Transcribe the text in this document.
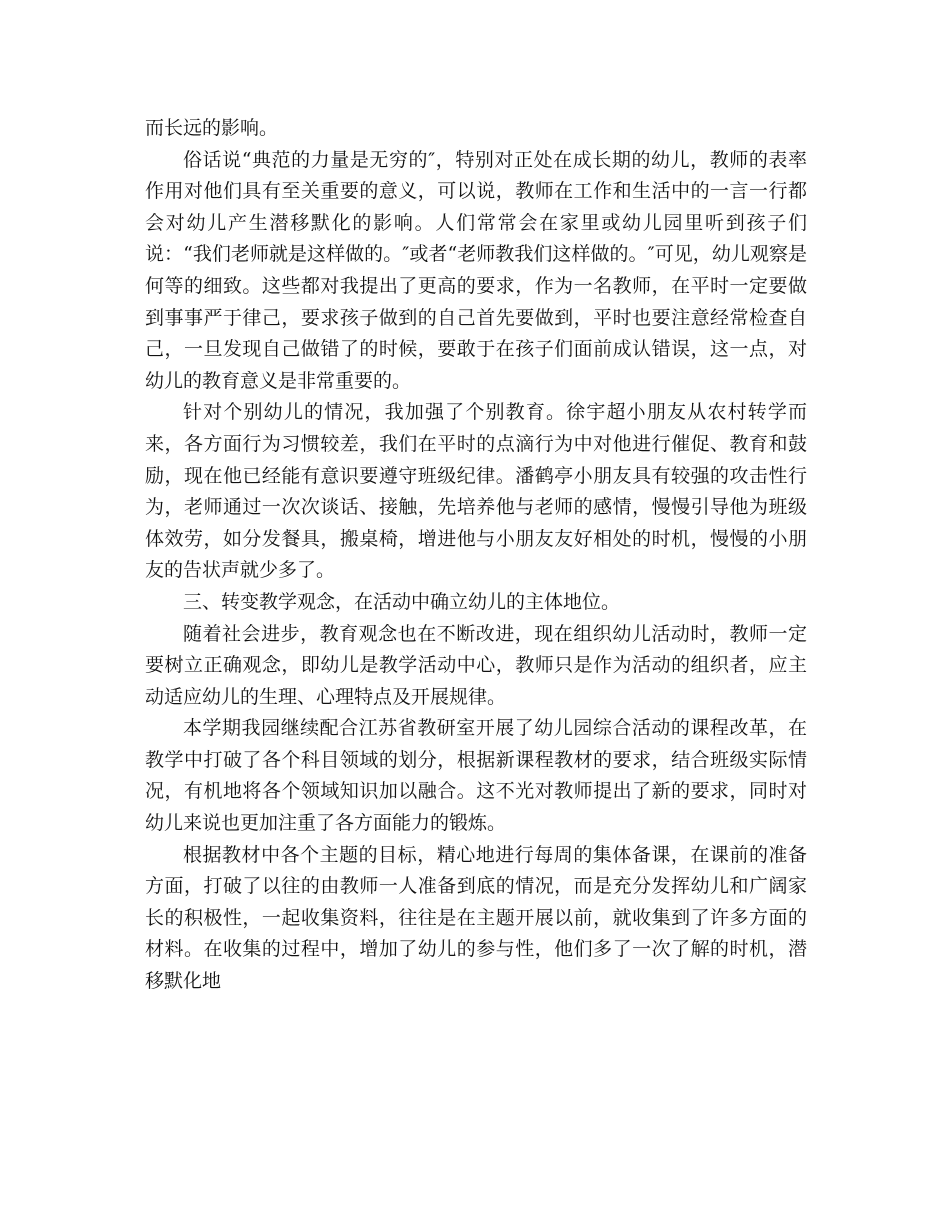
而长远的影响。

俗话说“典范的力量是无穷的″，特别对正处在成长期的幼儿，教师的表率作用对他们具有至关重要的意义，可以说，教师在工作和生活中的一言一行都会对幼儿产生潜移默化的影响。人们常常会在家里或幼儿园里听到孩子们说：“我们老师就是这样做的。″或者“老师教我们这样做的。″可见，幼儿观察是何等的细致。这些都对我提出了更高的要求，作为一名教师，在平时一定要做到事事严于律己，要求孩子做到的自己首先要做到，平时也要注意经常检查自己，一旦发现自己做错了的时候，要敢于在孩子们面前成认错误，这一点，对幼儿的教育意义是非常重要的。

针对个别幼儿的情况，我加强了个别教育。徐宇超小朋友从农村转学而来，各方面行为习惯较差，我们在平时的点滴行为中对他进行催促、教育和鼓励，现在他已经能有意识要遵守班级纪律。潘鹤亭小朋友具有较强的攻击性行为，老师通过一次次谈话、接触，先培养他与老师的感情，慢慢引导他为班级体效劳，如分发餐具，搬桌椅，增进他与小朋友友好相处的时机，慢慢的小朋友的告状声就少多了。

三、转变教学观念，在活动中确立幼儿的主体地位。

随着社会进步，教育观念也在不断改进，现在组织幼儿活动时，教师一定要树立正确观念，即幼儿是教学活动中心，教师只是作为活动的组织者，应主动适应幼儿的生理、心理特点及开展规律。

本学期我园继续配合江苏省教研室开展了幼儿园综合活动的课程改革，在教学中打破了各个科目领域的划分，根据新课程教材的要求，结合班级实际情况，有机地将各个领域知识加以融合。这不光对教师提出了新的要求，同时对幼儿来说也更加注重了各方面能力的锻炼。

根据教材中各个主题的目标，精心地进行每周的集体备课，在课前的准备方面，打破了以往的由教师一人准备到底的情况，而是充分发挥幼儿和广阔家长的积极性，一起收集资料，往往是在主题开展以前，就收集到了许多方面的材料。在收集的过程中，增加了幼儿的参与性，他们多了一次了解的时机，潜移默化地
